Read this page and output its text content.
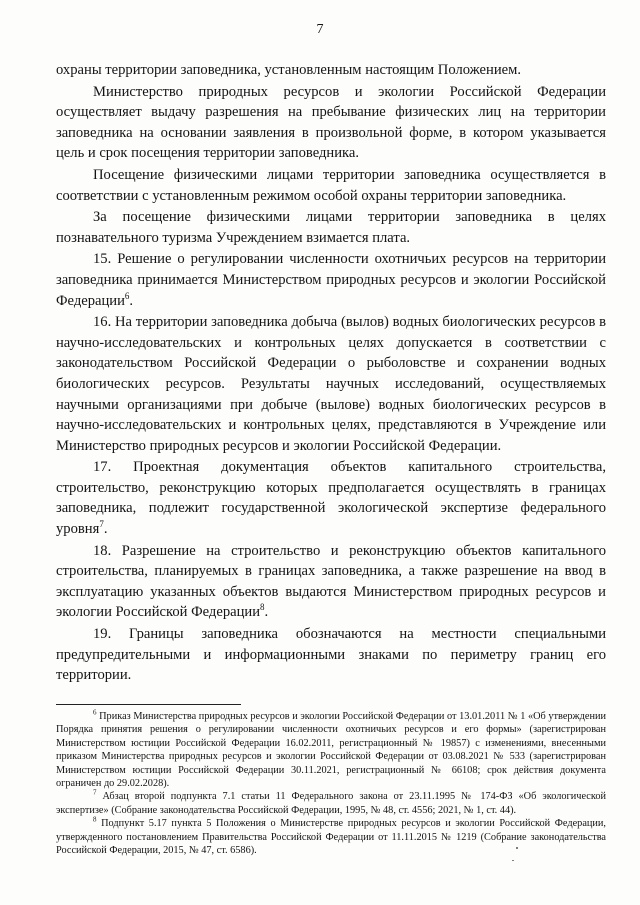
7

охраны территории заповедника, установленным настоящим Положением.

Министерство природных ресурсов и экологии Российской Федерации осуществляет выдачу разрешения на пребывание физических лиц на территории заповедника на основании заявления в произвольной форме, в котором указывается цель и срок посещения территории заповедника.

Посещение физическими лицами территории заповедника осуществляется в соответствии с установленным режимом особой охраны территории заповедника.

За посещение физическими лицами территории заповедника в целях познавательного туризма Учреждением взимается плата.

15. Решение о регулировании численности охотничьих ресурсов на территории заповедника принимается Министерством природных ресурсов и экологии Российской Федерации$^6$.

16. На территории заповедника добыча (вылов) водных биологических ресурсов в научно-исследовательских и контрольных целях допускается в соответствии с законодательством Российской Федерации о рыболовстве и сохранении водных биологических ресурсов. Результаты научных исследований, осуществляемых научными организациями при добыче (вылове) водных биологических ресурсов в научно-исследовательских и контрольных целях, представляются в Учреждение или Министерство природных ресурсов и экологии Российской Федерации.

17. Проектная документация объектов капитального строительства, строительство, реконструкцию которых предполагается осуществлять в границах заповедника, подлежит государственной экологической экспертизе федерального уровня$^7$.

18. Разрешение на строительство и реконструкцию объектов капитального строительства, планируемых в границах заповедника, а также разрешение на ввод в эксплуатацию указанных объектов выдаются Министерством природных ресурсов и экологии Российской Федерации$^8$.

19. Границы заповедника обозначаются на местности специальными предупредительными и информационными знаками по периметру границ его территории.

$^6$ Приказ Министерства природных ресурсов и экологии Российской Федерации от 13.01.2011 № 1 «Об утверждении Порядка принятия решения о регулировании численности охотничьих ресурсов и его формы» (зарегистрирован Министерством юстиции Российской Федерации 16.02.2011, регистрационный № 19857) с изменениями, внесенными приказом Министерства природных ресурсов и экологии Российской Федерации от 03.08.2021 № 533 (зарегистрирован Министерством юстиции Российской Федерации 30.11.2021, регистрационный № 66108; срок действия документа ограничен до 29.02.2028).

$^7$ Абзац второй подпункта 7.1 статьи 11 Федерального закона от 23.11.1995 № 174-ФЗ «Об экологической экспертизе» (Собрание законодательства Российской Федерации, 1995, № 48, ст. 4556; 2021, № 1, ст. 44).

$^8$ Подпункт 5.17 пункта 5 Положения о Министерстве природных ресурсов и экологии Российской Федерации, утвержденного постановлением Правительства Российской Федерации от 11.11.2015 № 1219 (Собрание законодательства Российской Федерации, 2015, № 47, ст. 6586).
